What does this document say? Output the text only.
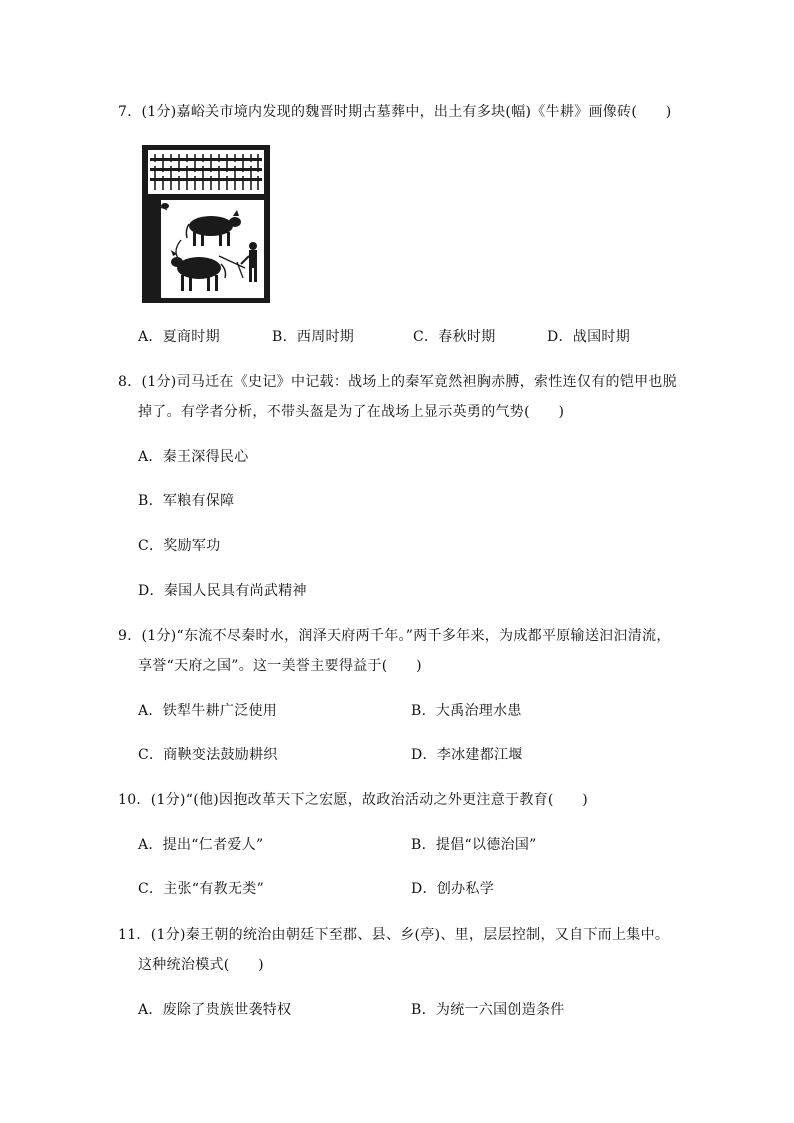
7．(1分)嘉峪关市境内发现的魏晋时期古墓葬中，出土有多块(幅)《牛耕》画像砖(　　)
A．夏商时期	B．西周时期	C．春秋时期	D．战国时期
8．(1分)司马迁在《史记》中记载：战场上的秦军竟然袒胸赤膊，索性连仅有的铠甲也脱
掉了。有学者分析，不带头盔是为了在战场上显示英勇的气势(　　)
A．秦王深得民心
B．军粮有保障
C．奖励军功
D．秦国人民具有尚武精神
9．(1分)“东流不尽秦时水，润泽天府两千年。”两千多年来，为成都平原输送汩汩清流，
享誉“天府之国”。这一美誉主要得益于(　　)
A．铁犁牛耕广泛使用	B．大禹治理水患
C．商鞅变法鼓励耕织	D．李冰建都江堰
10．(1分)“(他)因抱改革天下之宏愿，故政治活动之外更注意于教育(　　)
A．提出“仁者爱人”	B．提倡“以德治国”
C．主张“有教无类”	D．创办私学
11．(1分)秦王朝的统治由朝廷下至郡、县、乡(亭)、里，层层控制，又自下而上集中。
这种统治模式(　　)
A．废除了贵族世袭特权	B．为统一六国创造条件
